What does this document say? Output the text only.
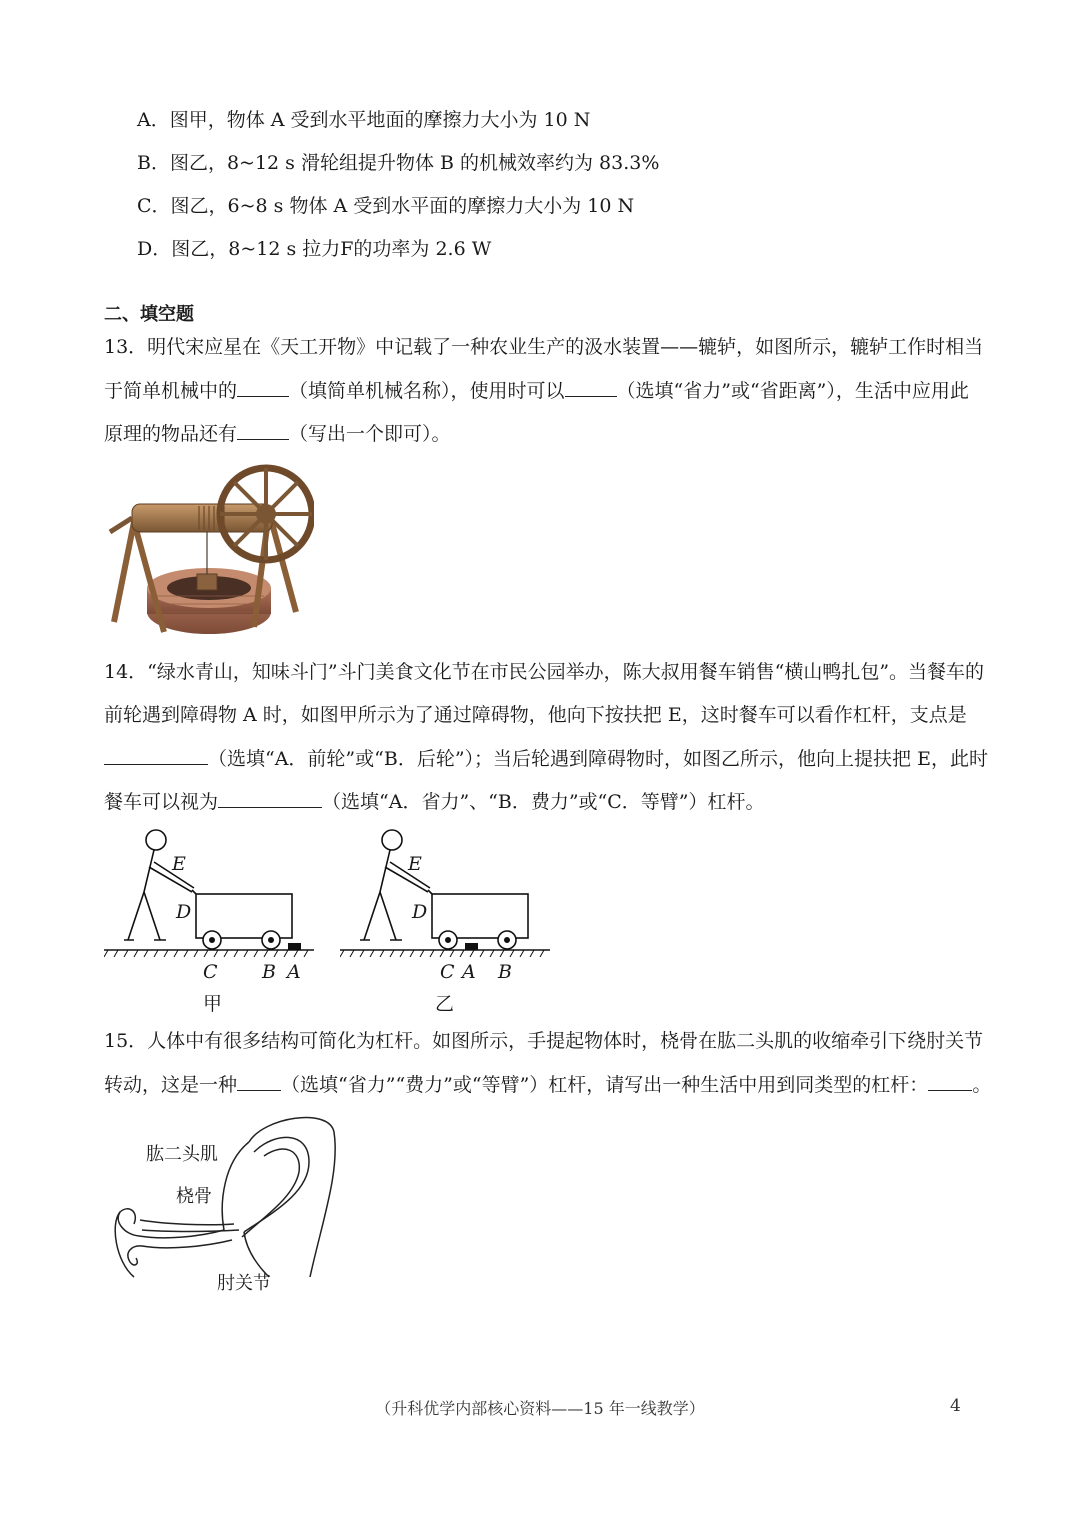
A．图甲，物体 A 受到水平地面的摩擦力大小为 10 N
B．图乙，8~12 s 滑轮组提升物体 B 的机械效率约为 83.3%
C．图乙，6~8 s 物体 A 受到水平面的摩擦力大小为 10 N
D．图乙，8~12 s 拉力F的功率为 2.6 W
二、填空题
13．明代宋应星在《天工开物》中记载了一种农业生产的汲水装置——辘轳，如图所示，辘轳工作时相当
于简单机械中的	（填简单机械名称），使用时可以	（选填“省力”或“省距离”），生活中应用此
原理的物品还有	（写出一个即可）。
14．“绿水青山，知味斗门”斗门美食文化节在市民公园举办，陈大叔用餐车销售“横山鸭扎包”。当餐车的
前轮遇到障碍物 A 时，如图甲所示为了通过障碍物，他向下按扶把 E，这时餐车可以看作杠杆，支点是
（选填“A．前轮”或“B．后轮”）；当后轮遇到障碍物时，如图乙所示，他向上提扶把 E，此时
餐车可以视为	（选填“A．省力”、“B．费力”或“C．等臂”）杠杆。
E
D
C B A
甲
E
D
C A B
乙
15．人体中有很多结构可简化为杠杆。如图所示，手提起物体时，桡骨在肱二头肌的收缩牵引下绕肘关节
转动，这是一种 （选填“省力”“费力”或“等臂”）杠杆，请写出一种生活中用到同类型的杠杆： 。
肱二头肌
桡骨
肘关节
（升科优学内部核心资料——15 年一线教学）	4
